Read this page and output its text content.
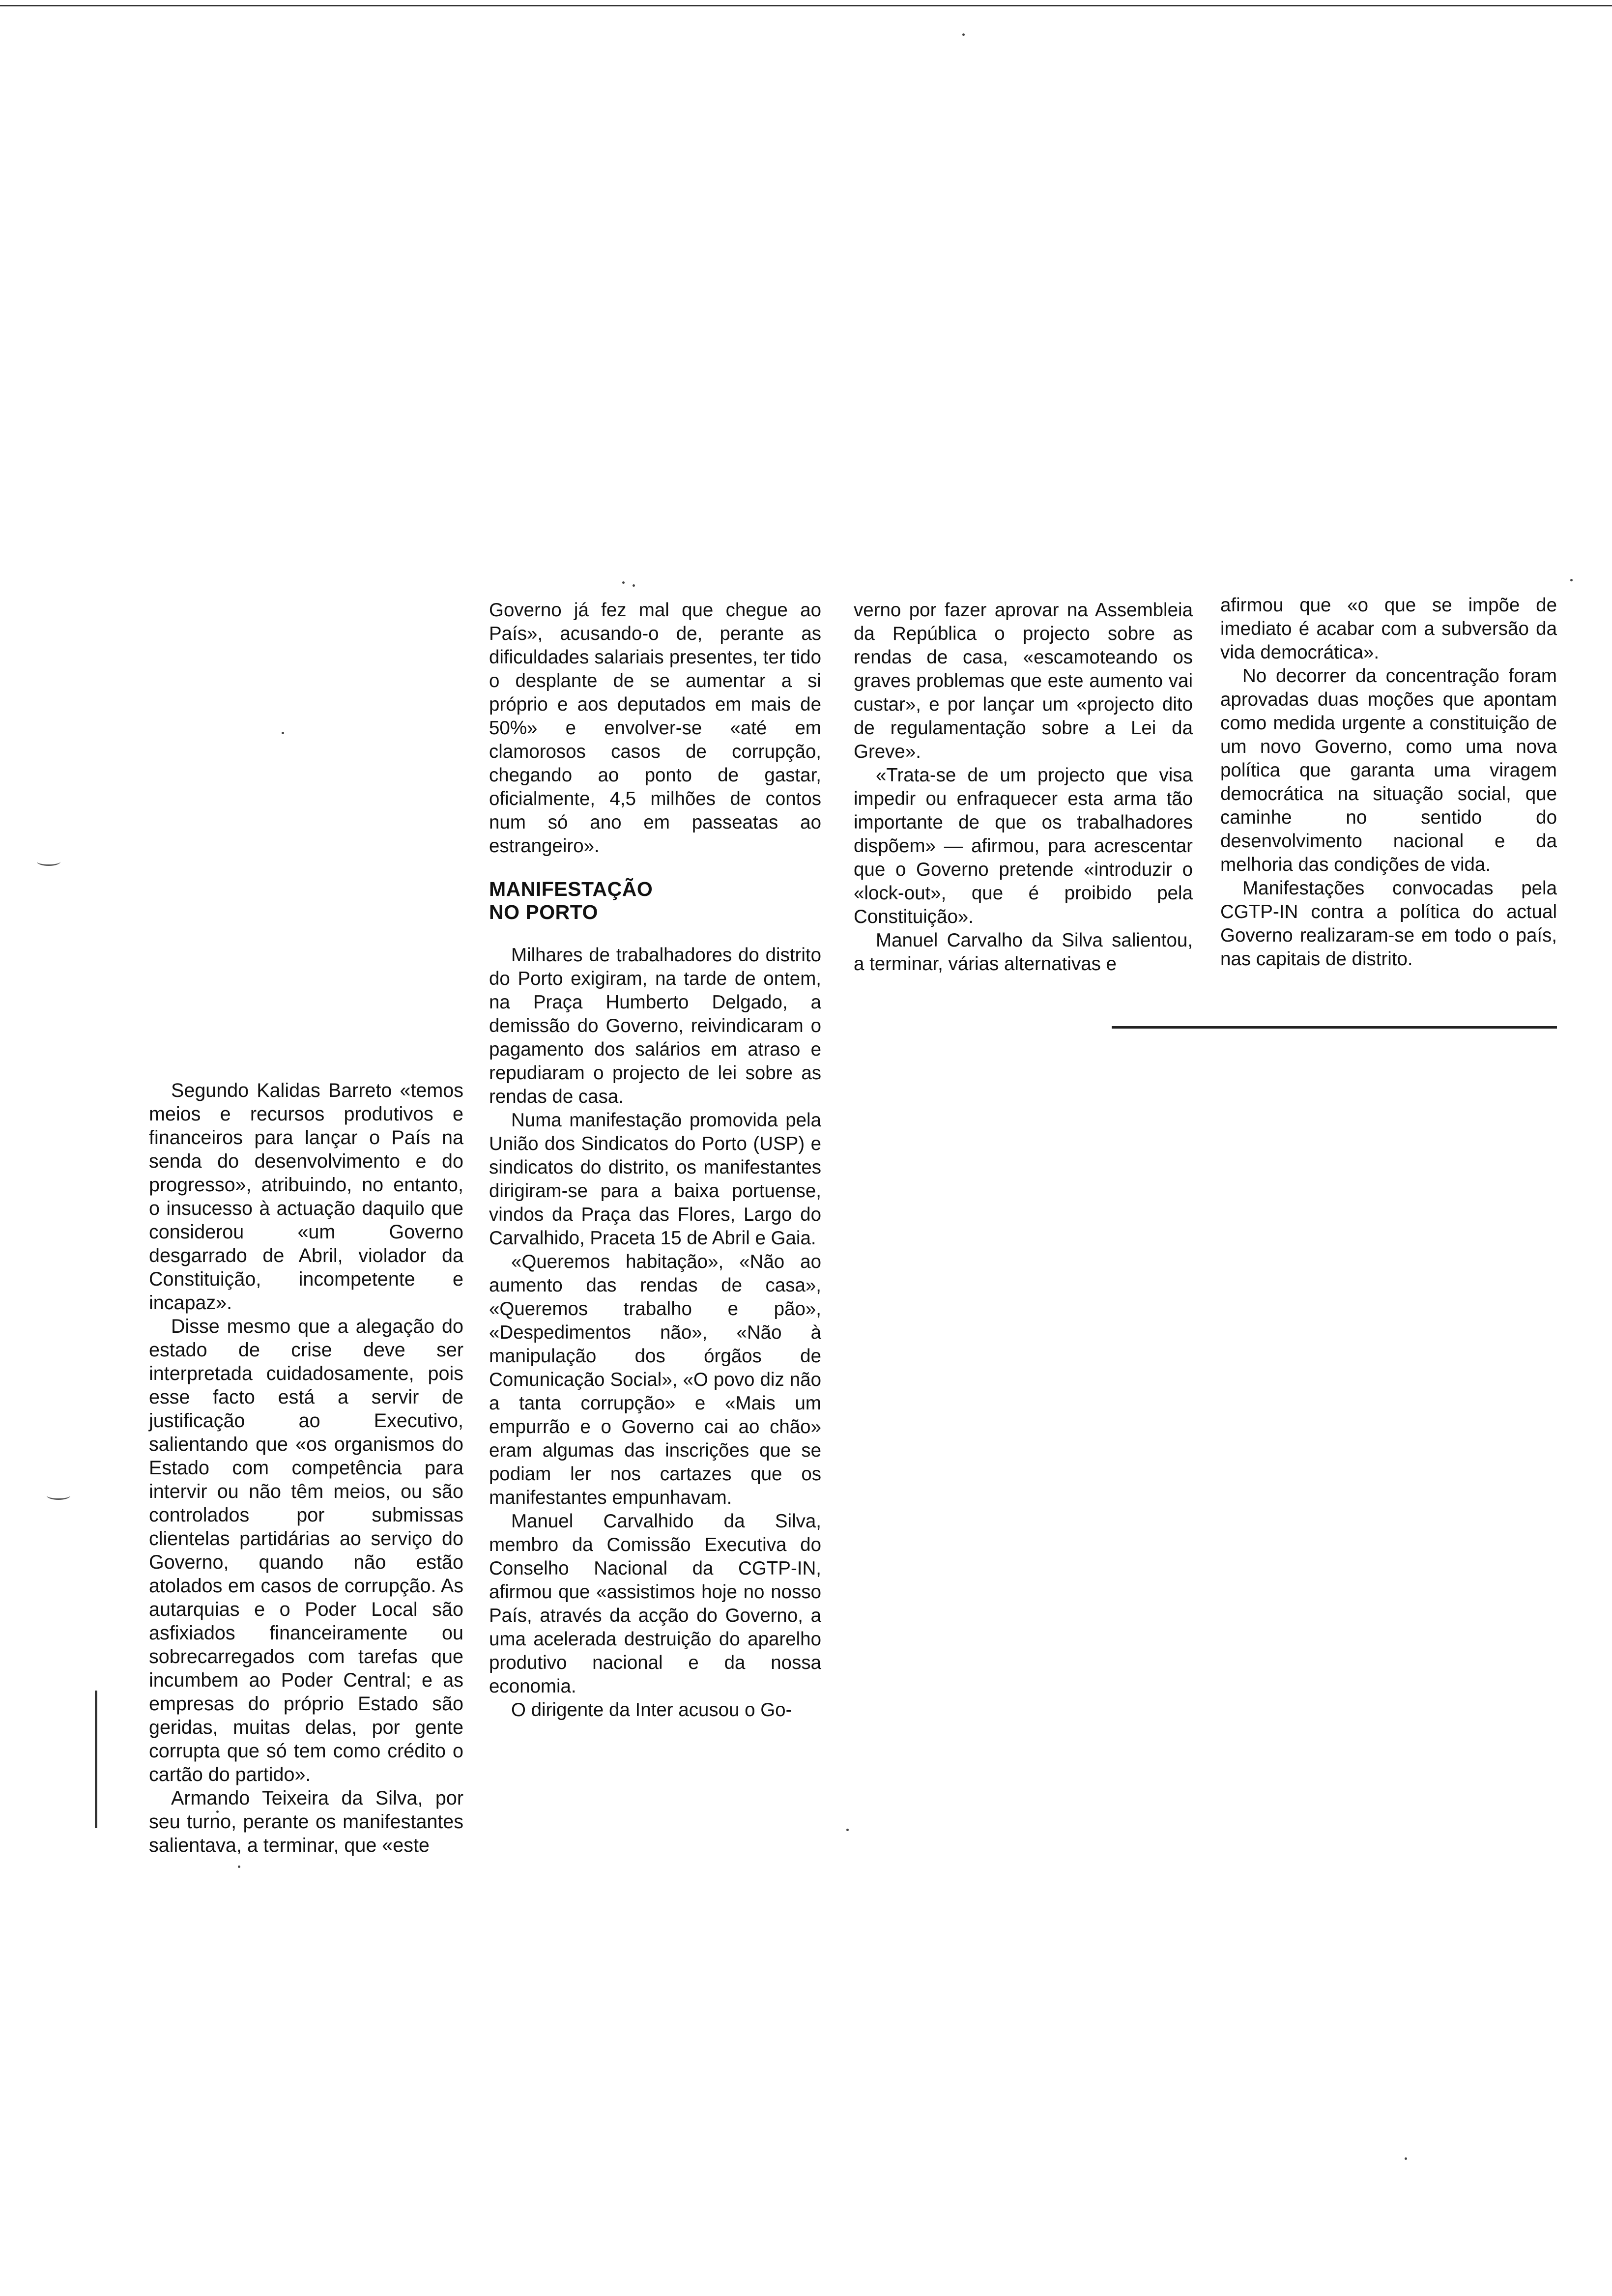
Segundo Kalidas Barreto «temos meios e recursos produtivos e financeiros para lançar o País na senda do desenvolvimento e do progresso», atribuindo, no entanto, o insucesso à actuação daquilo que considerou «um Governo desgarrado de Abril, violador da Constituição, incompetente e incapaz».

Disse mesmo que a alegação do estado de crise deve ser interpretada cuidadosamente, pois esse facto está a servir de justificação ao Executivo, salientando que «os organismos do Estado com competência para intervir ou não têm meios, ou são controlados por submissas clientelas partidárias ao serviço do Governo, quando não estão atolados em casos de corrupção. As autarquias e o Poder Local são asfixiados financeiramente ou sobrecarregados com tarefas que incumbem ao Poder Central; e as empresas do próprio Estado são geridas, muitas delas, por gente corrupta que só tem como crédito o cartão do partido».

Armando Teixeira da Silva, por seu turno, perante os manifestantes salientava, a terminar, que «este

Governo já fez mal que chegue ao País», acusando-o de, perante as dificuldades salariais presentes, ter tido o desplante de se aumentar a si próprio e aos deputados em mais de 50%» e envolver-se «até em clamorosos casos de corrupção, chegando ao ponto de gastar, oficialmente, 4,5 milhões de contos num só ano em passeatas ao estrangeiro».

MANIFESTAÇÃO
NO PORTO

Milhares de trabalhadores do distrito do Porto exigiram, na tarde de ontem, na Praça Humberto Delgado, a demissão do Governo, reivindicaram o pagamento dos salários em atraso e repudiaram o projecto de lei sobre as rendas de casa.

Numa manifestação promovida pela União dos Sindicatos do Porto (USP) e sindicatos do distrito, os manifestantes dirigiram-se para a baixa portuense, vindos da Praça das Flores, Largo do Carvalhido, Praceta 15 de Abril e Gaia.

«Queremos habitação», «Não ao aumento das rendas de casa», «Queremos trabalho e pão», «Despedimentos não», «Não à manipulação dos órgãos de Comunicação Social», «O povo diz não a tanta corrupção» e «Mais um empurrão e o Governo cai ao chão» eram algumas das inscrições que se podiam ler nos cartazes que os manifestantes empunhavam.

Manuel Carvalhido da Silva, membro da Comissão Executiva do Conselho Nacional da CGTP-IN, afirmou que «assistimos hoje no nosso País, através da acção do Governo, a uma acelerada destruição do aparelho produtivo nacional e da nossa economia.

O dirigente da Inter acusou o Go-

verno por fazer aprovar na Assembleia da República o projecto sobre as rendas de casa, «escamoteando os graves problemas que este aumento vai custar», e por lançar um «projecto dito de regulamentação sobre a Lei da Greve».

«Trata-se de um projecto que visa impedir ou enfraquecer esta arma tão importante de que os trabalhadores dispõem» — afirmou, para acrescentar que o Governo pretende «introduzir o «lock-out», que é proibido pela Constituição».

Manuel Carvalho da Silva salientou, a terminar, várias alternativas e

afirmou que «o que se impõe de imediato é acabar com a subversão da vida democrática».

No decorrer da concentração foram aprovadas duas moções que apontam como medida urgente a constituição de um novo Governo, como uma nova política que garanta uma viragem democrática na situação social, que caminhe no sentido do desenvolvimento nacional e da melhoria das condições de vida.

Manifestações convocadas pela CGTP-IN contra a política do actual Governo realizaram-se em todo o país, nas capitais de distrito.
